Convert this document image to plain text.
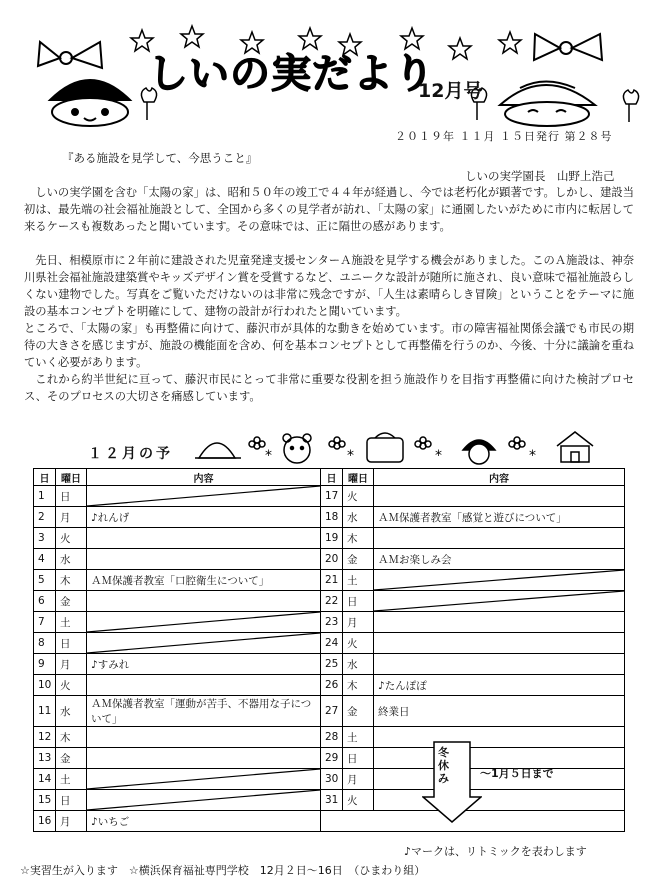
しいの実だより
12月号
２０１９年 １１月 １５日発行 第２８号
『ある施設を見学して、今思うこと』
しいの実学園長　山野上浩己
しいの実学園を含む「太陽の家」は、昭和５０年の竣工で４４年が経過し、今では老朽化が顕著です。しかし、建設当初は、最先端の社会福祉施設として、全国から多くの見学者が訪れ、「太陽の家」に通園したいがために市内に転居して来るケースも複数あったと聞いています。その意味では、正に隔世の感があります。
先日、相模原市に２年前に建設された児童発達支援センターＡ施設を見学する機会がありました。このＡ施設は、神奈川県社会福祉施設建築賞やキッズデザイン賞を受賞するなど、ユニークな設計が随所に施され、良い意味で福祉施設らしくない建物でした。写真をご覧いただけないのは非常に残念ですが、「人生は素晴らしき冒険」ということをテーマに施設の基本コンセプトを明確にして、建物の設計が行われたと聞いています。
ところで、「太陽の家」も再整備に向けて、藤沢市が具体的な動きを始めています。市の障害福祉関係会議でも市民の期待の大きさを感じますが、施設の機能面を含め、何を基本コンセプトとして再整備を行うのか、今後、十分に議論を重ねていく必要があります。
これから約半世紀に亘って、藤沢市民にとって非常に重要な役割を担う施設作りを目指す再整備に向けた検討プロセス、そのプロセスの大切さを痛感しています。
１２月の予	*	*	*	*
日	曜日	内容	日	曜日	内容
1	日		17	火	
2	月	♪れんげ	18	水	ＡＭ保護者教室「感覚と遊びについて」
3	火		19	木	
4	水		20	金	ＡＭお楽しみ会
5	木	ＡＭ保護者教室「口腔衛生について」	21	土	

6	金		22	日	

7	土		23	月	
8	日		24	火	
9	月	♪すみれ	25	水	
10	火		26	木	♪たんぽぽ
11	水	ＡＭ保護者教室「運動が苦手、不器用な子について」	27	金	終業日
12	木		28	土	
13	金		29	日	
14	土		30	月	
15	日		31	火	
16	月	♪いちご			
冬休み	～1月５日まで
♪マークは、リトミックを表わします
☆実習生が入ります　☆横浜保育福祉専門学校　12月２日～16日　（ひまわり組）
